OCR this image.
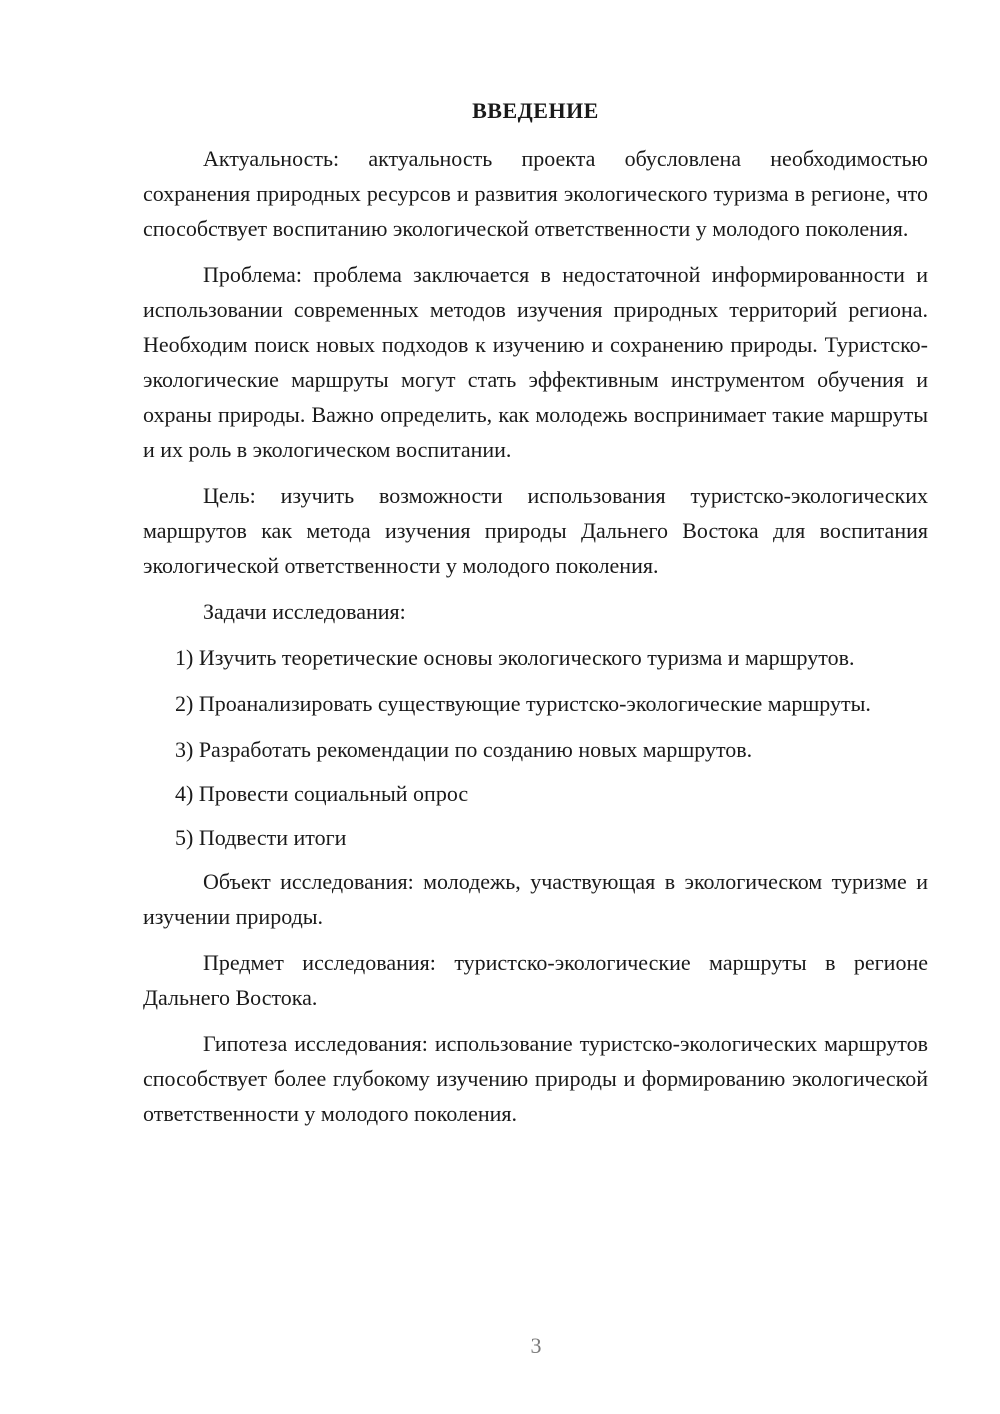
ВВЕДЕНИЕ

Актуальность: актуальность проекта обусловлена необходимостью сохранения природных ресурсов и развития экологического туризма в регионе, что способствует воспитанию экологической ответственности у молодого поколения.

Проблема: проблема заключается в недостаточной информированности и использовании современных методов изучения природных территорий региона. Необходим поиск новых подходов к изучению и сохранению природы. Туристско-экологические маршруты могут стать эффективным инструментом обучения и охраны природы. Важно определить, как молодежь воспринимает такие маршруты и их роль в экологическом воспитании.

Цель: изучить возможности использования туристско-экологических маршрутов как метода изучения природы Дальнего Востока для воспитания экологической ответственности у молодого поколения.

Задачи исследования:

1) Изучить теоретические основы экологического туризма и маршрутов.

2) Проанализировать существующие туристско-экологические маршруты.

3) Разработать рекомендации по созданию новых маршрутов.

4) Провести социальный опрос

5) Подвести итоги

Объект исследования: молодежь, участвующая в экологическом туризме и изучении природы.

Предмет исследования: туристско-экологические маршруты в регионе Дальнего Востока.

Гипотеза исследования: использование туристско-экологических маршрутов способствует более глубокому изучению природы и формированию экологической ответственности у молодого поколения.

3
